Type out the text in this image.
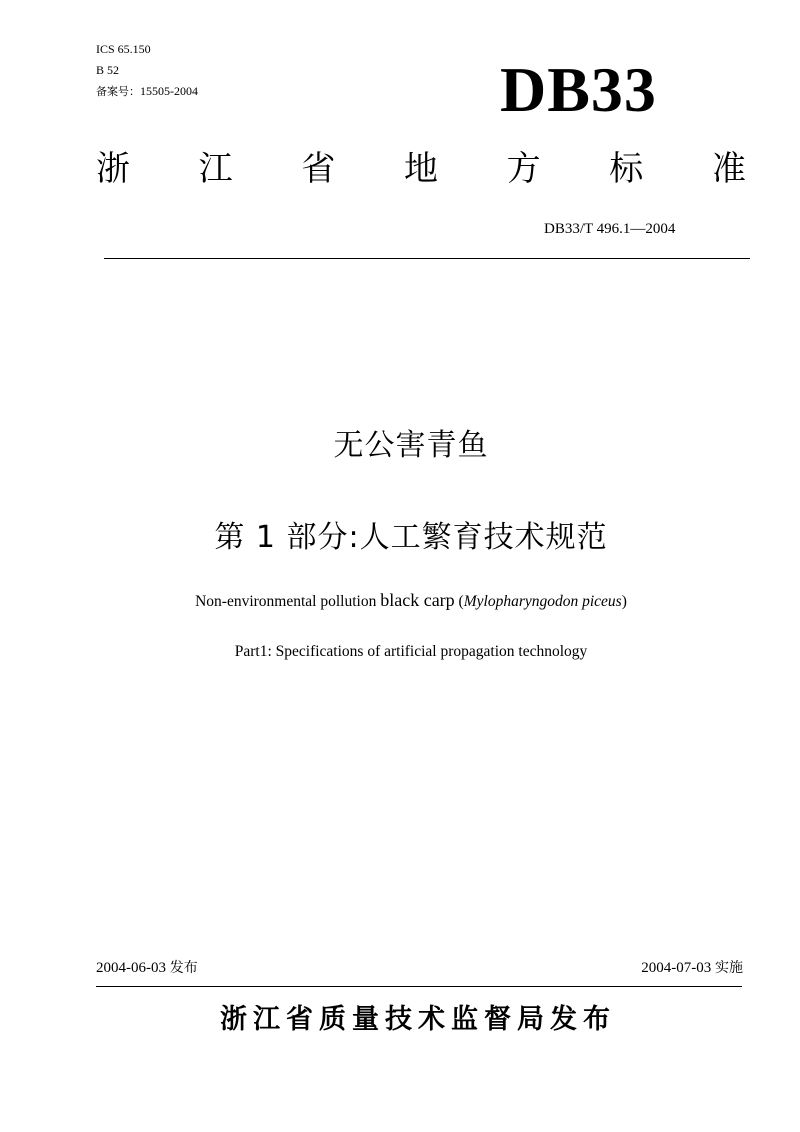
ICS 65.150
B 52
备案号：15505-2004	DB33
浙 江 省 地 方 标 准
DB33/T 496.1—2004
无公害青鱼
第 1 部分:人工繁育技术规范
Non-environmental pollution black carp (Mylopharyngodon piceus)
Part1: Specifications of artificial propagation technology
2004-06-03 发布	2004-07-03 实施
浙江省质量技术监督局发布
